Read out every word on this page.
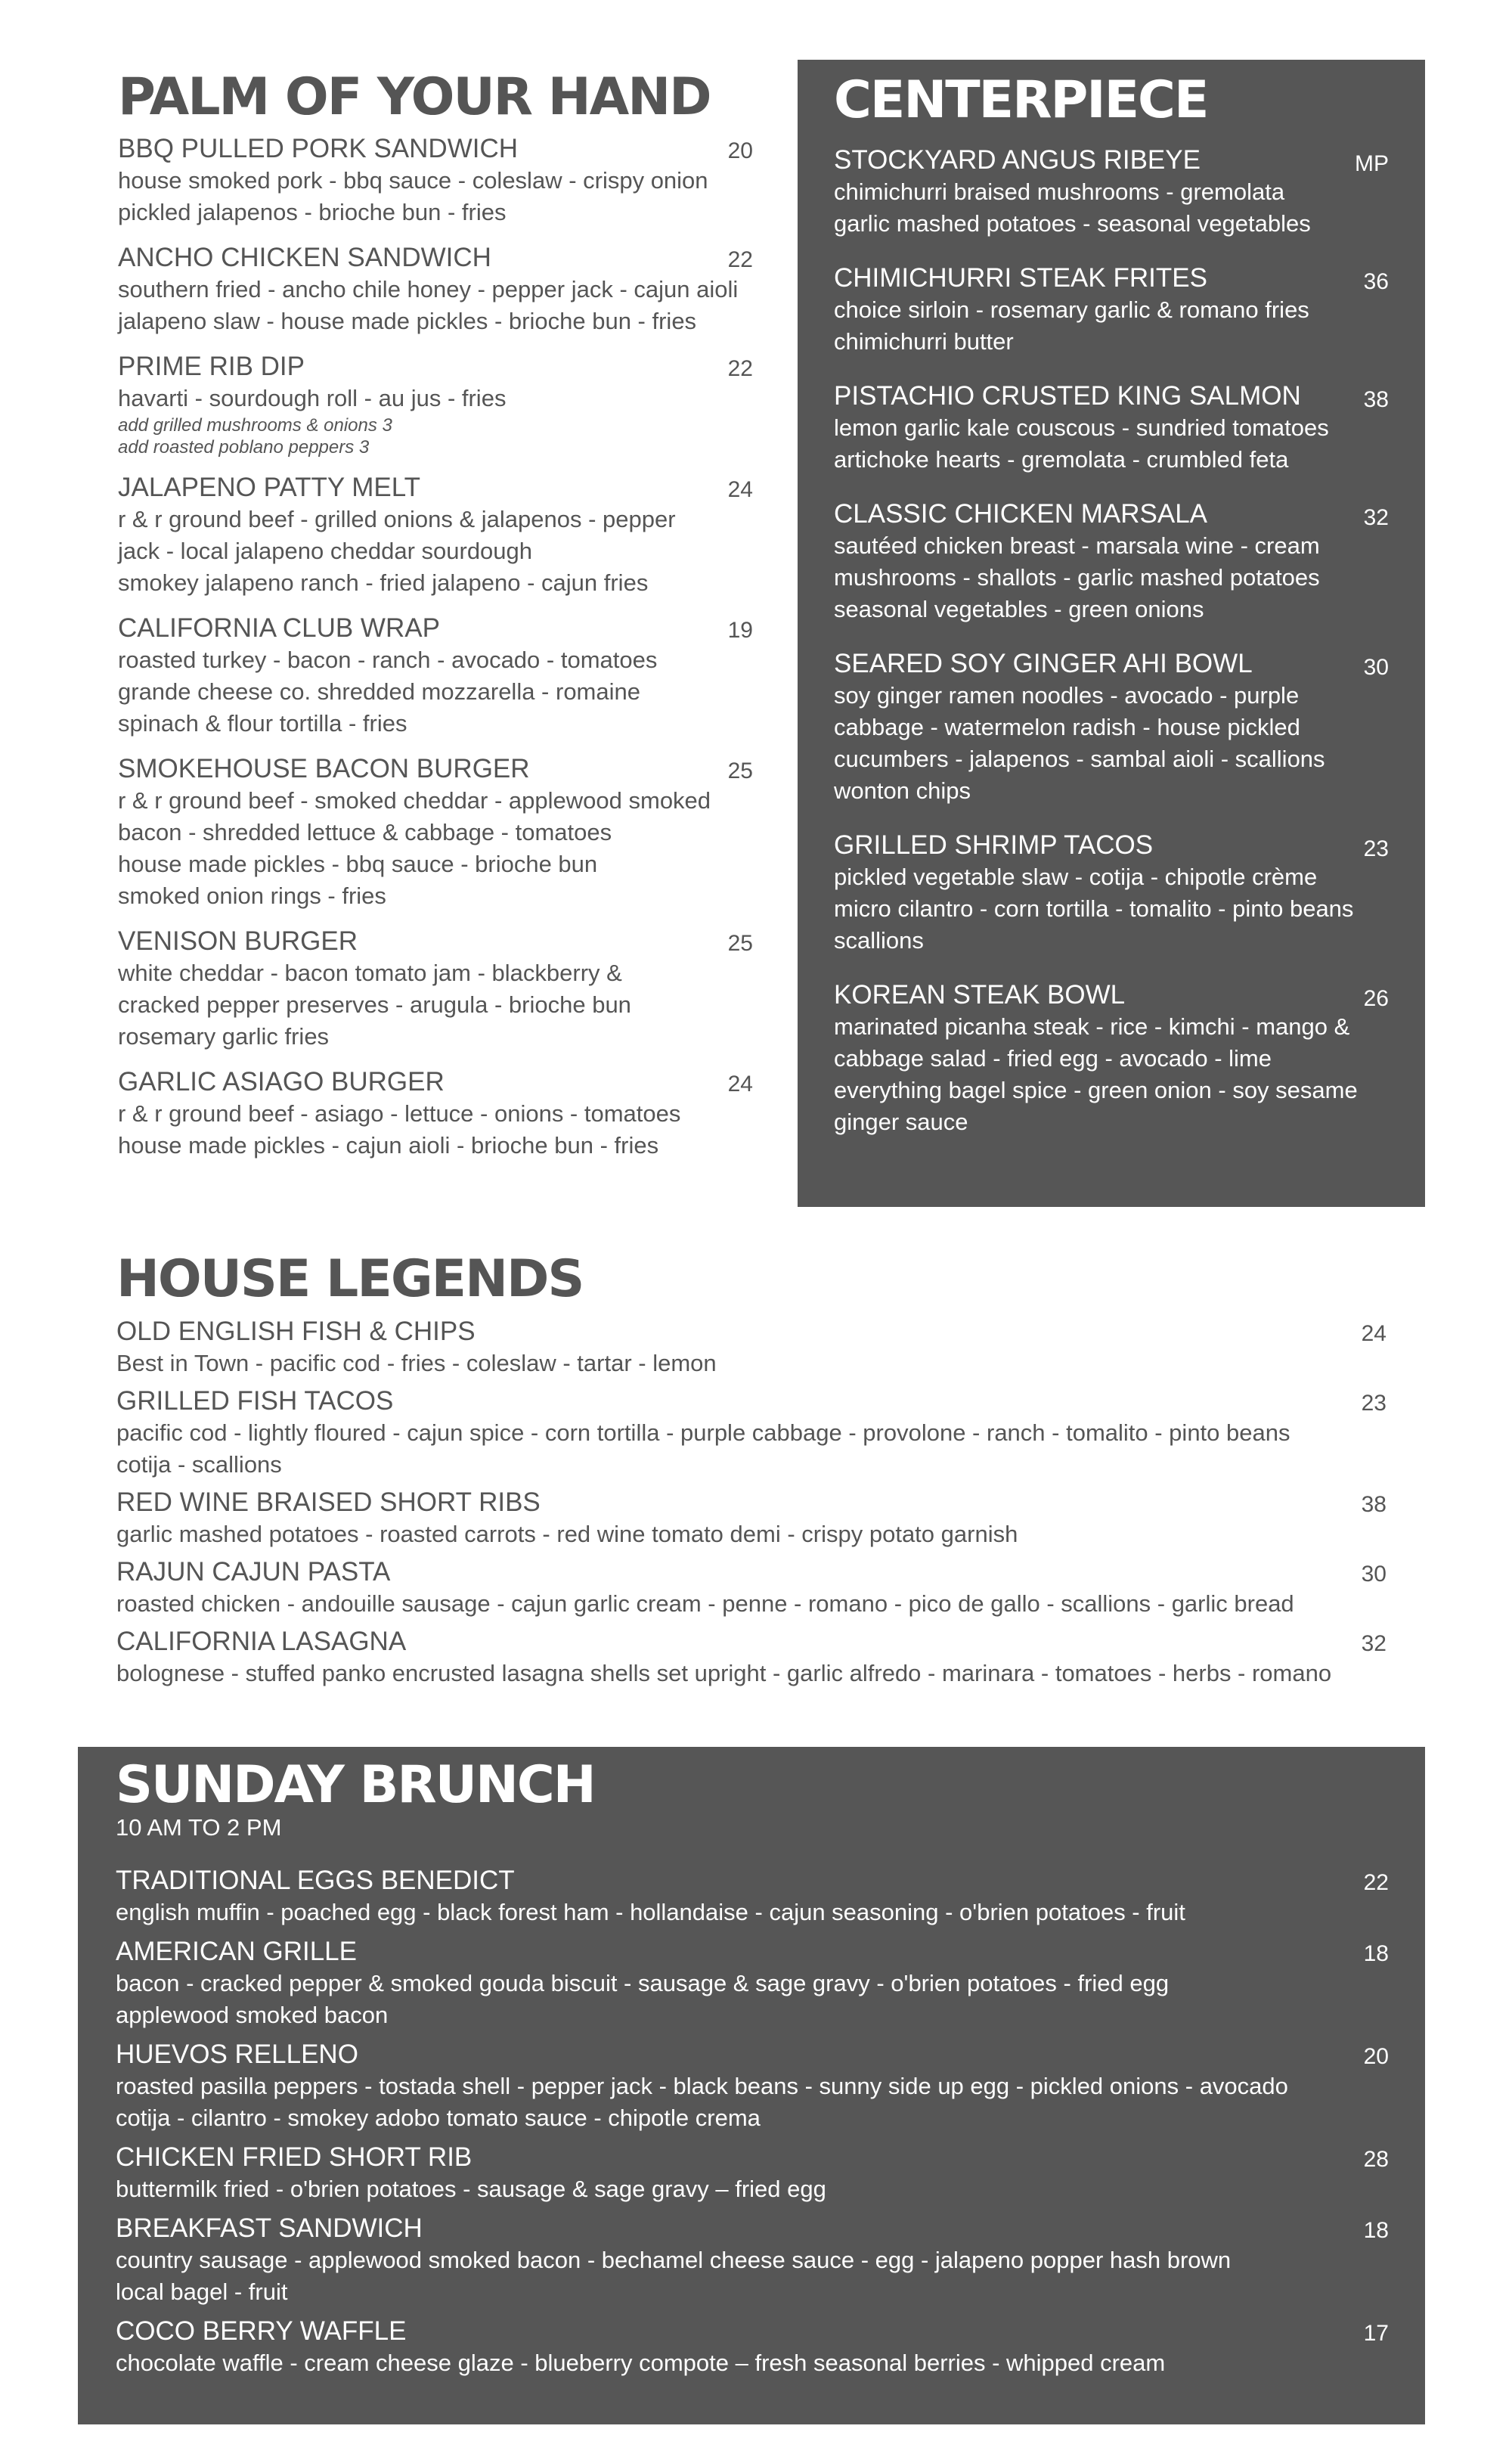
PALM OF YOUR HAND
BBQ PULLED PORK SANDWICH	20
house smoked pork - bbq sauce - coleslaw - crispy onion
pickled jalapenos - brioche bun - fries
ANCHO CHICKEN SANDWICH	22
southern fried - ancho chile honey - pepper jack - cajun aioli
jalapeno slaw - house made pickles - brioche bun - fries
PRIME RIB DIP	22
havarti - sourdough roll - au jus - fries
add grilled mushrooms & onions 3
add roasted poblano peppers 3
JALAPENO PATTY MELT	24
r & r ground beef - grilled onions & jalapenos - pepper
jack - local jalapeno cheddar sourdough
smokey jalapeno ranch - fried jalapeno - cajun fries
CALIFORNIA CLUB WRAP	19
roasted turkey - bacon - ranch - avocado - tomatoes
grande cheese co. shredded mozzarella - romaine
spinach & flour tortilla - fries
SMOKEHOUSE BACON BURGER	25
r & r ground beef - smoked cheddar - applewood smoked
bacon - shredded lettuce & cabbage - tomatoes
house made pickles - bbq sauce - brioche bun
smoked onion rings - fries
VENISON BURGER	25
white cheddar - bacon tomato jam - blackberry &
cracked pepper preserves - arugula - brioche bun
rosemary garlic fries
GARLIC ASIAGO BURGER	24
r & r ground beef - asiago - lettuce - onions - tomatoes
house made pickles - cajun aioli - brioche bun - fries
CENTERPIECE
STOCKYARD ANGUS RIBEYE	MP
chimichurri braised mushrooms - gremolata
garlic mashed potatoes - seasonal vegetables
CHIMICHURRI STEAK FRITES	36
choice sirloin - rosemary garlic & romano fries
chimichurri butter
PISTACHIO CRUSTED KING SALMON	38
lemon garlic kale couscous - sundried tomatoes
artichoke hearts - gremolata - crumbled feta
CLASSIC CHICKEN MARSALA	32
sautéed chicken breast - marsala wine - cream
mushrooms - shallots - garlic mashed potatoes
seasonal vegetables - green onions
SEARED SOY GINGER AHI BOWL	30
soy ginger ramen noodles - avocado - purple
cabbage - watermelon radish - house pickled
cucumbers - jalapenos - sambal aioli - scallions
wonton chips
GRILLED SHRIMP TACOS	23
pickled vegetable slaw - cotija - chipotle crème
micro cilantro - corn tortilla - tomalito - pinto beans
scallions
KOREAN STEAK BOWL	26
marinated picanha steak - rice - kimchi - mango &
cabbage salad - fried egg - avocado - lime
everything bagel spice - green onion - soy sesame
ginger sauce
HOUSE LEGENDS
OLD ENGLISH FISH & CHIPS	24
Best in Town - pacific cod - fries - coleslaw - tartar - lemon
GRILLED FISH TACOS	23
pacific cod - lightly floured - cajun spice - corn tortilla - purple cabbage - provolone - ranch - tomalito - pinto beans
cotija - scallions
RED WINE BRAISED SHORT RIBS	38
garlic mashed potatoes - roasted carrots - red wine tomato demi - crispy potato garnish
RAJUN CAJUN PASTA	30
roasted chicken - andouille sausage - cajun garlic cream - penne - romano - pico de gallo - scallions - garlic bread
CALIFORNIA LASAGNA	32
bolognese - stuffed panko encrusted lasagna shells set upright - garlic alfredo - marinara - tomatoes - herbs - romano
SUNDAY BRUNCH
10 AM TO 2 PM
TRADITIONAL EGGS BENEDICT	22
english muffin - poached egg - black forest ham - hollandaise - cajun seasoning - o'brien potatoes - fruit
AMERICAN GRILLE	18
bacon - cracked pepper & smoked gouda biscuit - sausage & sage gravy - o'brien potatoes - fried egg
applewood smoked bacon
HUEVOS RELLENO	20
roasted pasilla peppers - tostada shell - pepper jack - black beans - sunny side up egg - pickled onions - avocado
cotija - cilantro - smokey adobo tomato sauce - chipotle crema
CHICKEN FRIED SHORT RIB	28
buttermilk fried - o'brien potatoes - sausage & sage gravy – fried egg
BREAKFAST SANDWICH	18
country sausage - applewood smoked bacon - bechamel cheese sauce - egg - jalapeno popper hash brown
local bagel - fruit
COCO BERRY WAFFLE	17
chocolate waffle - cream cheese glaze - blueberry compote – fresh seasonal berries - whipped cream
